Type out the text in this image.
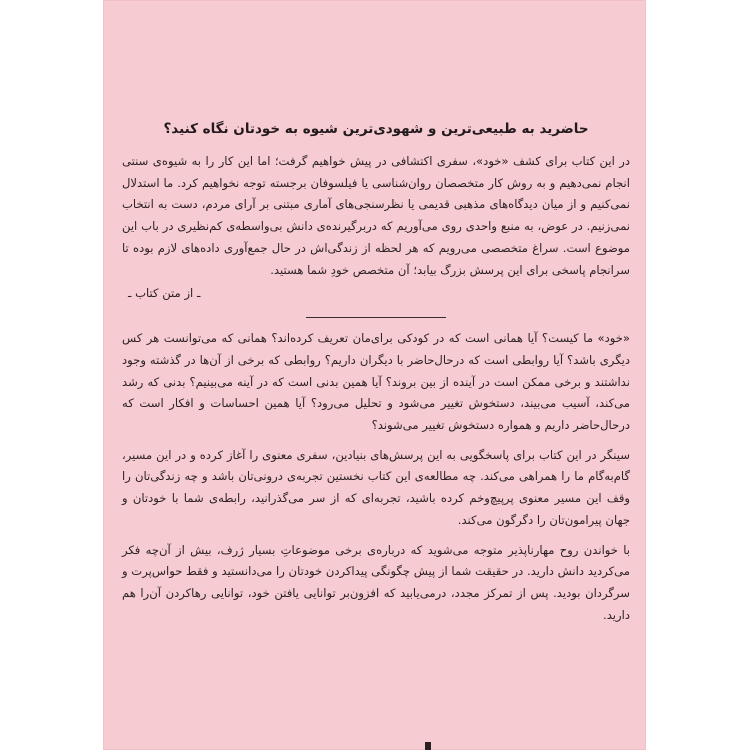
حاضرید به طبیعی‌ترین و شهودی‌ترین شیوه به خودتان نگاه کنید؟

در این کتاب برای کشف «خود»، سفری اکتشافی در پیش خواهیم گرفت؛ اما این کار را به شیوه‌ی سنتی انجام نمی‌دهیم و به روش کار متخصصان روان‌شناسی یا فیلسوفان برجسته توجه نخواهیم کرد. ما استدلال نمی‌کنیم و از میان دیدگاه‌های مذهبی قدیمی یا نظرسنجی‌های آماری مبتنی بر آرای مردم، دست به انتخاب نمی‌زنیم. در عوض، به منبع واحدی روی می‌آوریم که دربرگیرنده‌ی دانش بی‌واسطه‌ی کم‌نظیری در باب این موضوع است. سراغ متخصصی می‌رویم که هر لحظه از زندگی‌اش در حال جمع‌آوری داده‌های لازم بوده تا سرانجام پاسخی برای این پرسش بزرگ بیابد؛ آن متخصص خودِ شما هستید.

ـ از متن کتاب ـ

«خود» ما کیست؟ آیا همانی است که در کودکی برای‌مان تعریف کرده‌اند؟ همانی که می‌توانست هر کس دیگری باشد؟ آیا روابطی است که درحال‌حاضر با دیگران داریم؟ روابطی که برخی از آن‌ها در گذشته وجود نداشتند و برخی ممکن است در آینده از بین بروند؟ آیا همین بدنی است که در آینه می‌بینیم؟ بدنی که رشد می‌کند، آسیب می‌بیند، دستخوش تغییر می‌شود و تحلیل می‌رود؟ آیا همین احساسات و افکار است که درحال‌حاضر داریم و همواره دستخوش تغییر می‌شوند؟

سینگر در این کتاب برای پاسخگویی به این پرسش‌های بنیادین، سفری معنوی را آغاز کرده و در این مسیر، گام‌به‌گام ما را همراهی می‌کند. چه مطالعه‌ی این کتاب نخستین تجربه‌ی درونی‌تان باشد و چه زندگی‌تان را وقف این مسیر معنوی پرپیچ‌وخم کرده باشید، تجربه‌ای که از سر می‌گذرانید، رابطه‌ی شما با خودتان و جهان پیرامون‌تان را دگرگون می‌کند.

با خواندن روح مهارناپذیر متوجه می‌شوید که درباره‌ی برخی موضوعاتِ بسیار ژرف، بیش از آن‌چه فکر می‌کردید دانش دارید. در حقیقت شما از پیش چگونگی پیداکردن خودتان را می‌دانستید و فقط حواس‌پرت و سرگردان بودید. پس از تمرکز مجدد، درمی‌یابید که افزون‌بر توانایی یافتن خود، توانایی رهاکردن آن‌را هم دارید.
